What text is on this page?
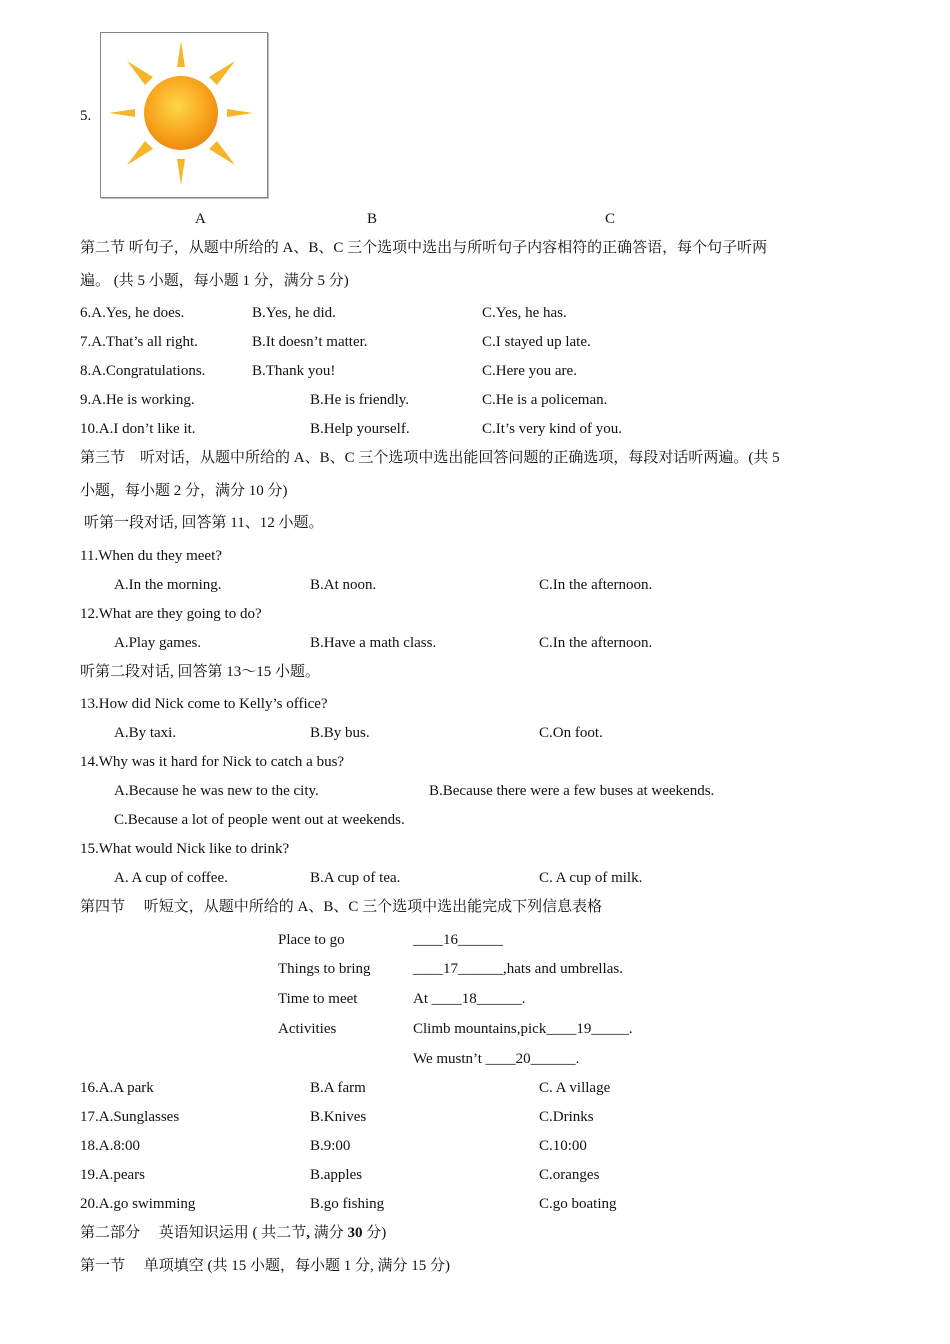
5.
A	B	C
第二节 听句子，从题中所给的 A、B、C 三个选项中选出与所听句子内容相符的正确答语，每个句子听两
遍。 (共 5 小题，每小题 1 分，满分 5 分)
6.A.Yes, he does.	B.Yes, he did.	C.Yes, he has.
7.A.That’s all right.	B.It doesn’t matter.	C.I stayed up late.
8.A.Congratulations.	B.Thank you!	C.Here you are.
9.A.He is working.	B.He is friendly.	C.He is a policeman.
10.A.I don’t like it.	B.Help yourself.	C.It’s very kind of you.
第三节　听对话，从题中所给的 A、B、C 三个选项中选出能回答问题的正确选项，每段对话听两遍。(共 5
小题，每小题 2 分，满分 10 分)
听第一段对话, 回答第 11、12 小题。
11.When du they meet?
A.In the morning.	B.At noon.	C.In the afternoon.
12.What are they going to do?
A.Play games.	B.Have a math class.	C.In the afternoon.
听第二段对话, 回答第 13～15 小题。
13.How did Nick come to Kelly’s office?
A.By taxi.	B.By bus.	C.On foot.
14.Why was it hard for Nick to catch a bus?
A.Because he was new to the city.	B.Because there were a few buses at weekends.
C.Because a lot of people went out at weekends.
15.What would Nick like to drink?
A. A cup of coffee.	B.A cup of tea.	C. A cup of milk.
第四节　 听短文，从题中所给的 A、B、C 三个选项中选出能完成下列信息表格
Place to go	____16______
Things to bring	____17______,hats and umbrellas.
Time to meet	At ____18______.
Activities	Climb mountains,pick____19_____.
We mustn’t ____20______.
16.A.A park	B.A farm	C. A village
17.A.Sunglasses	B.Knives	C.Drinks
18.A.8:00	B.9:00	C.10:00
19.A.pears	B.apples	C.oranges
20.A.go swimming	B.go fishing	C.go boating
第二部分　 英语知识运用 ( 共二节, 满分 30 分)
第一节　 单项填空 (共 15 小题，每小题 1 分, 满分 15 分)
